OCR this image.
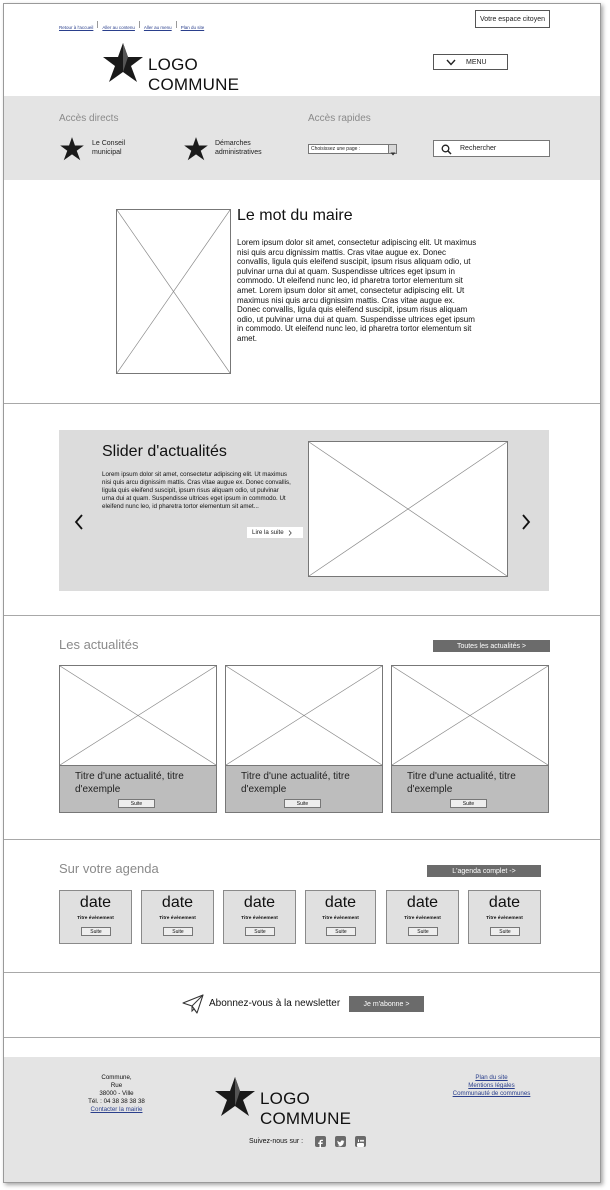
Retour à l'accueil Aller au contenu Aller au menu Plan du site
Votre espace citoyen
LOGO COMMUNE
MENU
Accès directs
Le Conseil municipal
Démarches administratives
Accès rapides
Choisissez une page :	Rechercher
Le mot du maire

Lorem ipsum dolor sit amet, consectetur adipiscing elit. Ut maximus nisi quis arcu dignissim mattis. Cras vitae augue ex. Donec convallis, ligula quis eleifend suscipit, ipsum risus aliquam odio, ut pulvinar urna dui at quam. Suspendisse ultrices eget ipsum in commodo. Ut eleifend nunc leo, id pharetra tortor elementum sit amet. Lorem ipsum dolor sit amet, consectetur adipiscing elit. Ut maximus nisi quis arcu dignissim mattis. Cras vitae augue ex. Donec convallis, ligula quis eleifend suscipit, ipsum risus aliquam odio, ut pulvinar urna dui at quam. Suspendisse ultrices eget ipsum in commodo. Ut eleifend nunc leo, id pharetra tortor elementum sit amet.

Slider d'actualités

Lorem ipsum dolor sit amet, consectetur adipiscing elit. Ut maximus nisi quis arcu dignissim mattis. Cras vitae augue ex. Donec convallis, ligula quis eleifend suscipit, ipsum risus aliquam odio, ut pulvinar urna dui at quam. Suspendisse ultrices eget ipsum in commodo. Ut eleifend nunc leo, id pharetra tortor elementum sit amet...

Lire la suite
Les actualités	Toutes les actualités >
Titre d'une actualité, titre d'exemple
Suite
Titre d'une actualité, titre d'exemple
Suite
Titre d'une actualité, titre d'exemple
Suite
Sur votre agenda	L'agenda complet ->
date
Titre évènement
Suite
date
Titre évènement
Suite
date
Titre évènement
Suite
date
Titre évènement
Suite
date
Titre évènement
Suite
date
Titre évènement
Suite
Abonnez-vous à la newsletter	Je m'abonne >
Commune,
Rue
38000 - Ville
Tél. : 04 38 38 38 38
Contacter la mairie
LOGO COMMUNE
Plan du site
Mentions légales
Communauté de communes
Suivez-nous sur :
